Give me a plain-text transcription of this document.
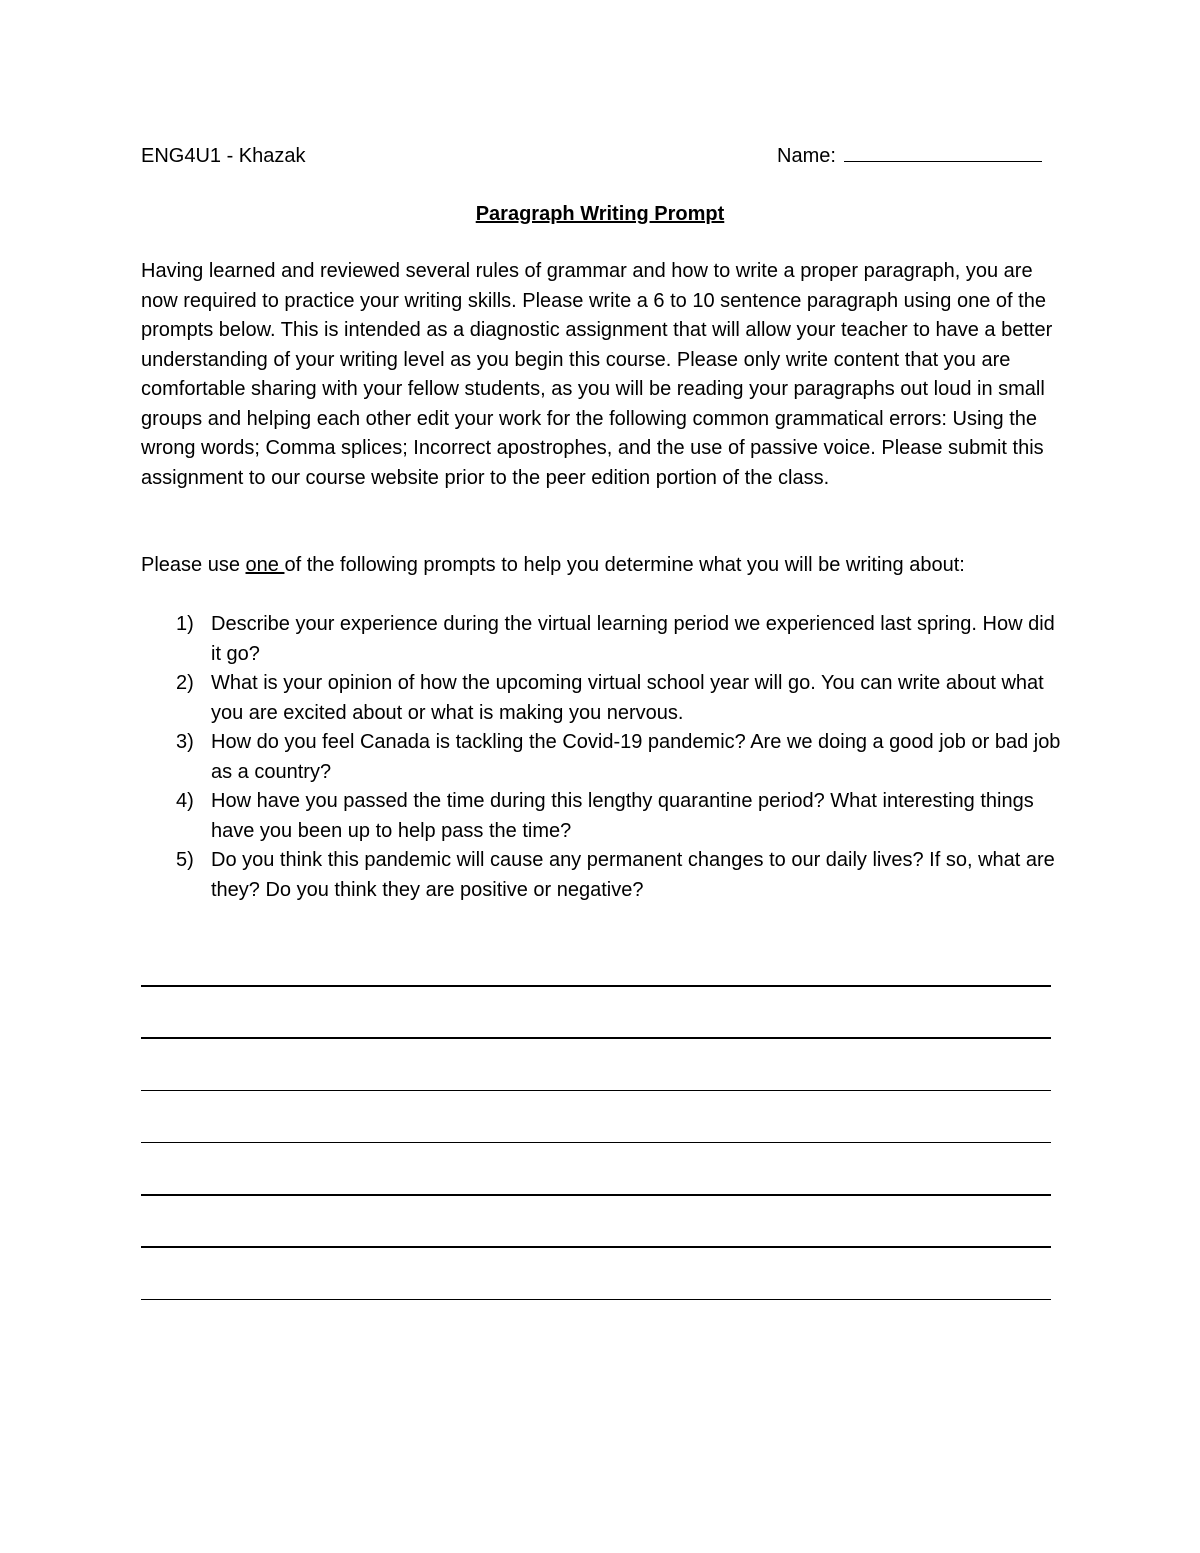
ENG4U1 - Khazak	Name:
Paragraph Writing Prompt

Having learned and reviewed several rules of grammar and how to write a proper paragraph, you are now required to practice your writing skills. Please write a 6 to 10 sentence paragraph using one of the prompts below. This is intended as a diagnostic assignment that will allow your teacher to have a better understanding of your writing level as you begin this course. Please only write content that you are comfortable sharing with your fellow students, as you will be reading your paragraphs out loud in small groups and helping each other edit your work for the following common grammatical errors: Using the wrong words; Comma splices; Incorrect apostrophes, and the use of passive voice. Please submit this assignment to our course website prior to the peer edition portion of the class.

Please use one of the following prompts to help you determine what you will be writing about:

1) Describe your experience during the virtual learning period we experienced last spring. How did it go?
2) What is your opinion of how the upcoming virtual school year will go. You can write about what you are excited about or what is making you nervous.
3) How do you feel Canada is tackling the Covid-19 pandemic? Are we doing a good job or bad job as a country?
4) How have you passed the time during this lengthy quarantine period? What interesting things have you been up to help pass the time?
5) Do you think this pandemic will cause any permanent changes to our daily lives? If so, what are they? Do you think they are positive or negative?
